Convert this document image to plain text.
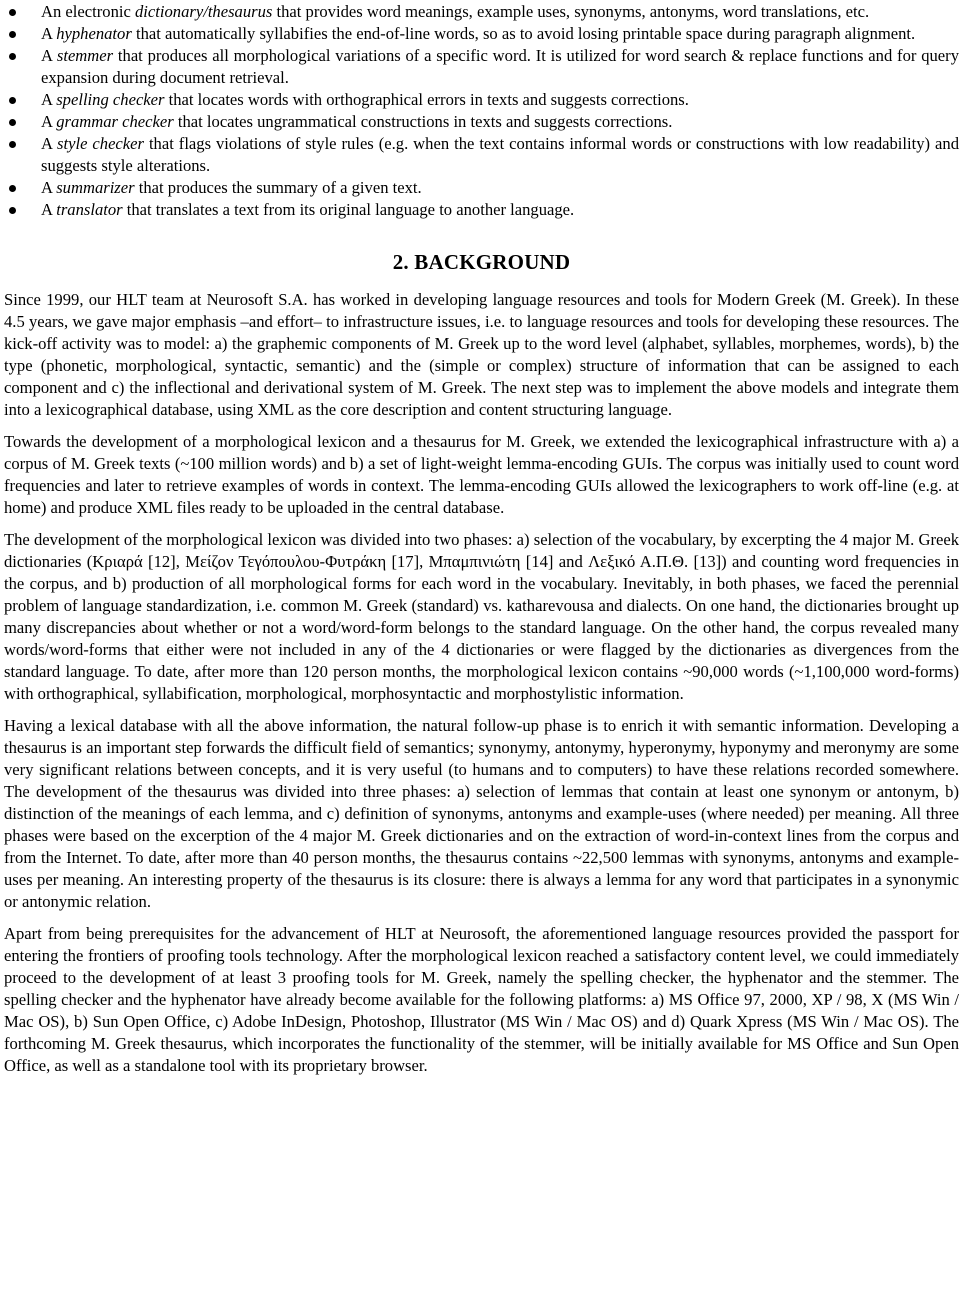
An electronic dictionary/thesaurus that provides word meanings, example uses, synonyms, antonyms, word translations, etc.
A hyphenator that automatically syllabifies the end-of-line words, so as to avoid losing printable space during paragraph alignment.
A stemmer that produces all morphological variations of a specific word. It is utilized for word search & replace functions and for query expansion during document retrieval.
A spelling checker that locates words with orthographical errors in texts and suggests corrections.
A grammar checker that locates ungrammatical constructions in texts and suggests corrections.
A style checker that flags violations of style rules (e.g. when the text contains informal words or constructions with low readability) and suggests style alterations.
A summarizer that produces the summary of a given text.
A translator that translates a text from its original language to another language.
2. BACKGROUND

Since 1999, our HLT team at Neurosoft S.A. has worked in developing language resources and tools for Modern Greek (M. Greek). In these 4.5 years, we gave major emphasis –and effort– to infrastructure issues, i.e. to language resources and tools for developing these resources. The kick-off activity was to model: a) the graphemic components of M. Greek up to the word level (alphabet, syllables, morphemes, words), b) the type (phonetic, morphological, syntactic, semantic) and the (simple or complex) structure of information that can be assigned to each component and c) the inflectional and derivational system of M. Greek. The next step was to implement the above models and integrate them into a lexicographical database, using XML as the core description and content structuring language.

Towards the development of a morphological lexicon and a thesaurus for M. Greek, we extended the lexicographical infrastructure with a) a corpus of M. Greek texts (~100 million words) and b) a set of light-weight lemma-encoding GUIs. The corpus was initially used to count word frequencies and later to retrieve examples of words in context. The lemma-encoding GUIs allowed the lexicographers to work off-line (e.g. at home) and produce XML files ready to be uploaded in the central database.

The development of the morphological lexicon was divided into two phases: a) selection of the vocabulary, by excerpting the 4 major M. Greek dictionaries (Κριαρά [12], Μείζον Τεγόπουλου-Φυτράκη [17], Μπαμπινιώτη [14] and Λεξικό Α.Π.Θ. [13]) and counting word frequencies in the corpus, and b) production of all morphological forms for each word in the vocabulary. Inevitably, in both phases, we faced the perennial problem of language standardization, i.e. common M. Greek (standard) vs. katharevousa and dialects. On one hand, the dictionaries brought up many discrepancies about whether or not a word/word-form belongs to the standard language. On the other hand, the corpus revealed many words/word-forms that either were not included in any of the 4 dictionaries or were flagged by the dictionaries as divergences from the standard language. To date, after more than 120 person months, the morphological lexicon contains ~90,000 words (~1,100,000 word-forms) with orthographical, syllabification, morphological, morphosyntactic and morphostylistic information.

Having a lexical database with all the above information, the natural follow-up phase is to enrich it with semantic information. Developing a thesaurus is an important step forwards the difficult field of semantics; synonymy, antonymy, hyperonymy, hyponymy and meronymy are some very significant relations between concepts, and it is very useful (to humans and to computers) to have these relations recorded somewhere. The development of the thesaurus was divided into three phases: a) selection of lemmas that contain at least one synonym or antonym, b) distinction of the meanings of each lemma, and c) definition of synonyms, antonyms and example-uses (where needed) per meaning. All three phases were based on the excerption of the 4 major M. Greek dictionaries and on the extraction of word-in-context lines from the corpus and from the Internet. To date, after more than 40 person months, the thesaurus contains ~22,500 lemmas with synonyms, antonyms and example-uses per meaning. An interesting property of the thesaurus is its closure: there is always a lemma for any word that participates in a synonymic or antonymic relation.

Apart from being prerequisites for the advancement of HLT at Neurosoft, the aforementioned language resources provided the passport for entering the frontiers of proofing tools technology. After the morphological lexicon reached a satisfactory content level, we could immediately proceed to the development of at least 3 proofing tools for M. Greek, namely the spelling checker, the hyphenator and the stemmer. The spelling checker and the hyphenator have already become available for the following platforms: a) MS Office 97, 2000, XP / 98, X (MS Win / Mac OS), b) Sun Open Office, c) Adobe InDesign, Photoshop, Illustrator (MS Win / Mac OS) and d) Quark Xpress (MS Win / Mac OS). The forthcoming M. Greek thesaurus, which incorporates the functionality of the stemmer, will be initially available for MS Office and Sun Open Office, as well as a standalone tool with its proprietary browser.
